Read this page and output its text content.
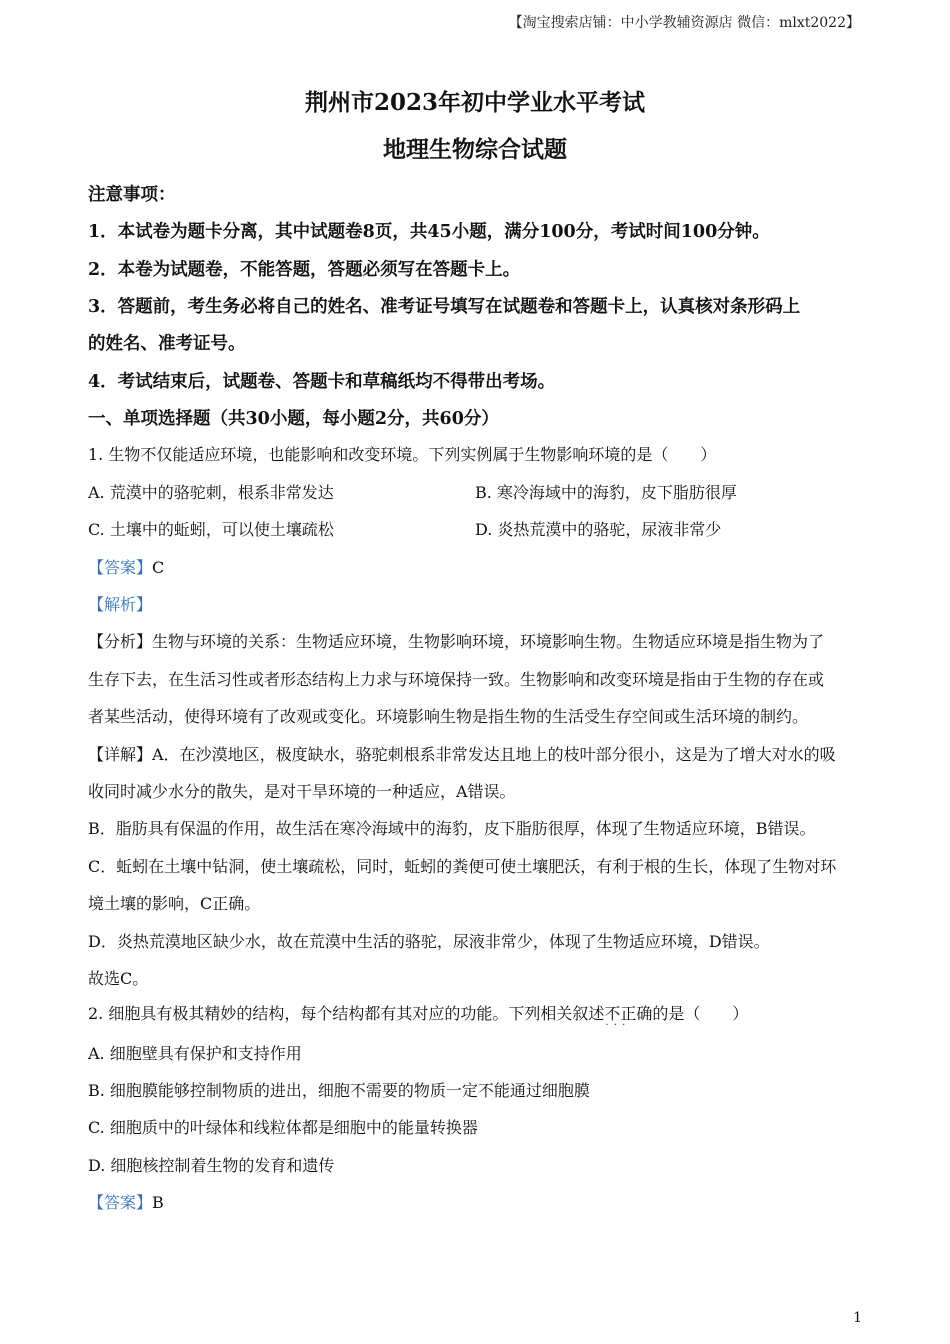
【淘宝搜索店铺：中小学教辅资源店 微信：mlxt2022】
荆州市2023年初中学业水平考试
地理生物综合试题
注意事项：
1．本试卷为题卡分离，其中试题卷8页，共45小题，满分100分，考试时间100分钟。
2．本卷为试题卷，不能答题，答题必须写在答题卡上。
3．答题前，考生务必将自己的姓名、准考证号填写在试题卷和答题卡上，认真核对条形码上
的姓名、准考证号。
4．考试结束后，试题卷、答题卡和草稿纸均不得带出考场。
一、单项选择题（共30小题，每小题2分，共60分）
1. 生物不仅能适应环境，也能影响和改变环境。下列实例属于生物影响环境的是（　　）
A. 荒漠中的骆驼刺，根系非常发达	B. 寒冷海域中的海豹，皮下脂肪很厚
C. 土壤中的蚯蚓，可以使土壤疏松	D. 炎热荒漠中的骆驼，尿液非常少
【答案】C
【解析】
【分析】生物与环境的关系：生物适应环境，生物影响环境，环境影响生物。生物适应环境是指生物为了
生存下去，在生活习性或者形态结构上力求与环境保持一致。生物影响和改变环境是指由于生物的存在或
者某些活动，使得环境有了改观或变化。环境影响生物是指生物的生活受生存空间或生活环境的制约。
【详解】A．在沙漠地区，极度缺水，骆驼刺根系非常发达且地上的枝叶部分很小，这是为了增大对水的吸
收同时减少水分的散失，是对干旱环境的一种适应，A错误。
B．脂肪具有保温的作用，故生活在寒冷海域中的海豹，皮下脂肪很厚，体现了生物适应环境，B错误。
C．蚯蚓在土壤中钻洞，使土壤疏松，同时，蚯蚓的粪便可使土壤肥沃，有利于根的生长，体现了生物对环
境土壤的影响，C正确。
D．炎热荒漠地区缺少水，故在荒漠中生活的骆驼，尿液非常少，体现了生物适应环境，D错误。
故选C。
2. 细胞具有极其精妙的结构，每个结构都有其对应的功能。下列相关叙述不正确 · · ·的是（　　）
A. 细胞壁具有保护和支持作用
B. 细胞膜能够控制物质的进出，细胞不需要的物质一定不能通过细胞膜
C. 细胞质中的叶绿体和线粒体都是细胞中的能量转换器
D. 细胞核控制着生物的发育和遗传
【答案】B
1
